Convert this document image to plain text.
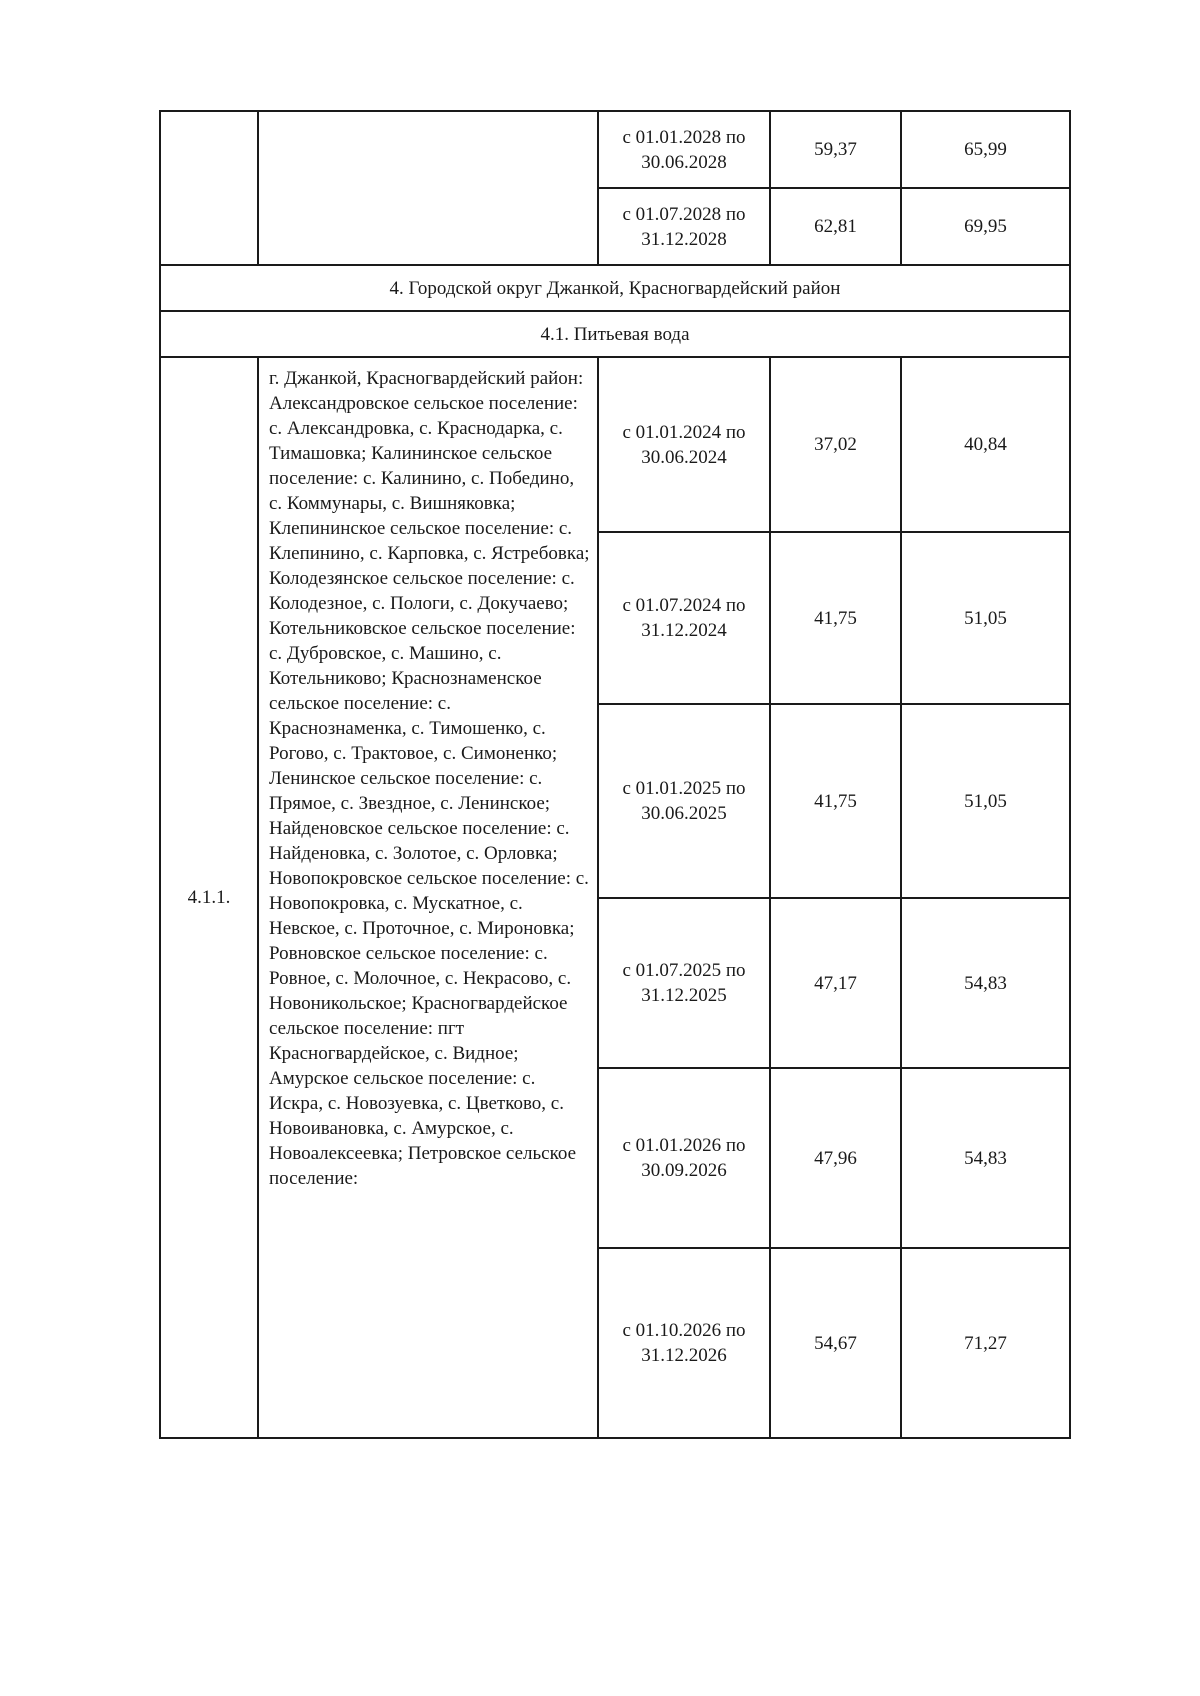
		с 01.01.2028 по
30.06.2028	59,37	65,99

		с 01.07.2028 по
31.12.2028	62,81	69,95
4. Городской округ Джанкой, Красногвардейский район				
4.1. Питьевая вода				
4.1.1.	г. Джанкой, Красногвардейский район: Александровское сельское поселение: с. Александровка, с. Краснодарка, с. Тимашовка; Калининское сельское поселение: с. Калинино, с. Победино, с. Коммунары, с. Вишняковка; Клепининское сельское поселение: с. Клепинино, с. Карповка, с. Ястребовка; Колодезянское сельское поселение: с. Колодезное, с. Пологи, с. Докучаево; Котельниковское сельское поселение: с. Дубровское, с. Машино, с. Котельниково; Краснознаменское сельское поселение: с. Краснознаменка, с. Тимошенко, с. Рогово, с. Трактовое, с. Симоненко; Ленинское сельское поселение: с. Прямое, с. Звездное, с. Ленинское; Найденовское сельское поселение: с. Найденовка, с. Золотое, с. Орловка; Новопокровское сельское поселение: с. Новопокровка, с. Мускатное, с. Невское, с. Проточное, с. Мироновка; Ровновское сельское поселение: с. Ровное, с. Молочное, с. Некрасово, с. Новоникольское; Красногвардейское сельское поселение: пгт Красногвардейское, с. Видное; Амурское сельское поселение: с. Искра, с. Новозуевка, с. Цветково, с. Новоивановка, с. Амурское, с. Новоалексеевка; Петровское сельское поселение:	с 01.01.2024 по
30.06.2024	37,02	40,84

		с 01.07.2024 по
31.12.2024	41,75	51,05

		с 01.01.2025 по
30.06.2025	41,75	51,05

		с 01.07.2025 по
31.12.2025	47,17	54,83

		с 01.01.2026 по
30.09.2026	47,96	54,83

		с 01.10.2026 по
31.12.2026	54,67	71,27
